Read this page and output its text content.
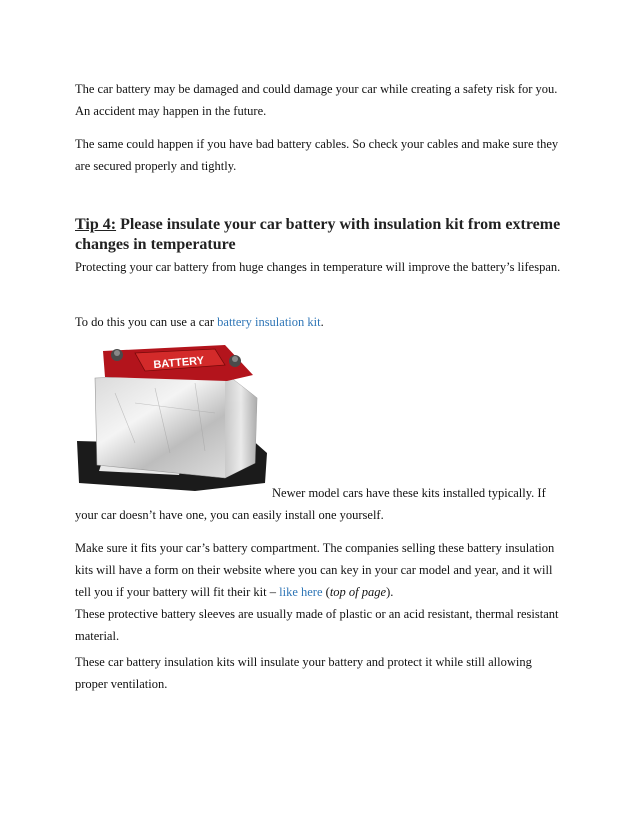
The car battery may be damaged and could damage your car while creating a safety risk for you. An accident may happen in the future.

The same could happen if you have bad battery cables. So check your cables and make sure they are secured properly and tightly.

Tip 4: Please insulate your car battery with insulation kit from extreme changes in temperature

Protecting your car battery from huge changes in temperature will improve the battery’s lifespan.

To do this you can use a car battery insulation kit.

BATTERY

Newer model cars have these kits installed typically. If your car doesn’t have one, you can easily install one yourself.

Make sure it fits your car’s battery compartment. The companies selling these battery insulation kits will have a form on their website where you can key in your car model and year, and it will tell you if your battery will fit their kit – like here (top of page).

These protective battery sleeves are usually made of plastic or an acid resistant, thermal resistant material.

These car battery insulation kits will insulate your battery and protect it while still allowing proper ventilation.
